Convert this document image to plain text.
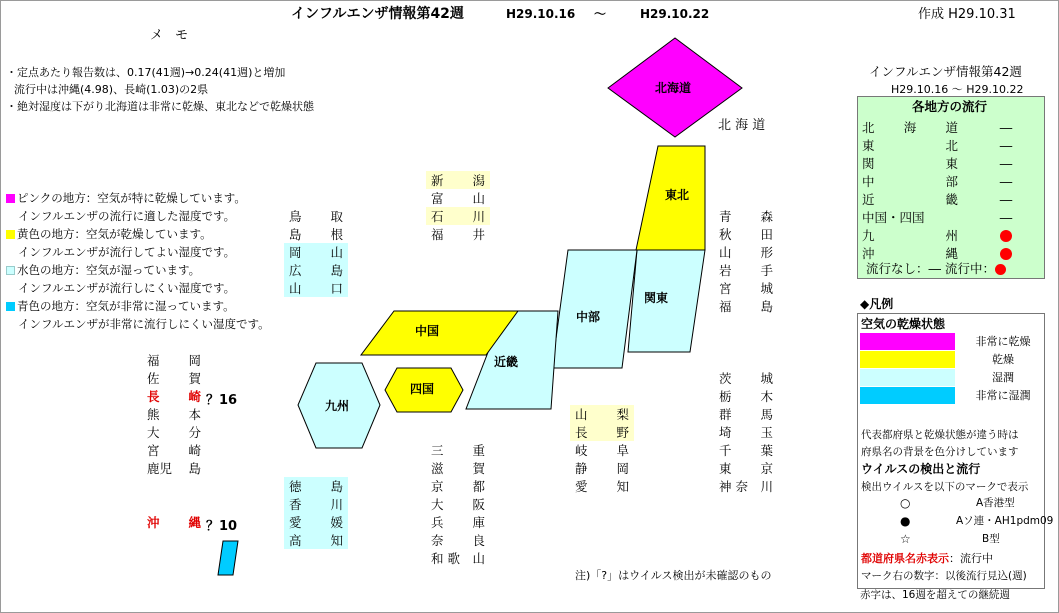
インフルエンザ情報第42週	H29.10.16 ～	H29.10.22	作成 H29.10.31
メ モ
・定点あたり報告数は、0.17(41週)→0.24(41週)と増加
流行中は沖縄(4.98)、長崎(1.03)の2県
・絶対湿度は下がり北海道は非常に乾燥、東北などで乾燥状態
ピンクの地方：空気が特に乾燥しています。
インフルエンザの流行に適した湿度です。
黄色の地方：空気が乾燥しています。
インフルエンザが流行してよい湿度です。
水色の地方：空気が湿っています。
インフルエンザが流行しにくい湿度です。
青色の地方：空気が非常に湿っています。
インフルエンザが非常に流行しにくい湿度です。
北海道
東北
関東
中部
近畿
中国
四国
九州
北 海 道
新 潟
富 山
石 川
福 井
鳥 取
島 根
岡 山
広 島
山 口
福 岡
佐 賀
長 崎 ？16
熊 本
大 分
宮 崎
鹿児 島
沖 縄 ？10
徳 島
香 川
愛 媛
高 知
三 重
滋 賀
京 都
大 阪
兵 庫
奈 良
和 歌 山
山 梨
長 野
岐 阜
静 岡
愛 知
青 森
秋 田
山 形
岩 手
宮 城
福 島
茨 城
栃 木
群 馬
埼 玉
千 葉
東 京
神 奈 川
注)「?」はウイルス検出が未確認のもの
インフルエンザ情報第42週
H29.10.16 ～ H29.10.22
各地方の流行
北 海 道	―
東	北	―
関	東	―
中	部	―
近	畿	―
中国・四国	―
九	州
沖	縄
流行なし：― 流行中：
◆凡例
空気の乾燥状態
非常に乾燥
乾燥
湿潤
非常に湿潤
代表都府県と乾燥状態が違う時は
府県名の背景を色分けしています
ウイルスの検出と流行
検出ウイルスを以下のマークで表示
○	A香港型
●	Aソ連・AH1pdm09
☆	B型
都道府県名赤表示：流行中
マーク右の数字：以後流行見込(週)
赤字は、16週を超えての継続週
